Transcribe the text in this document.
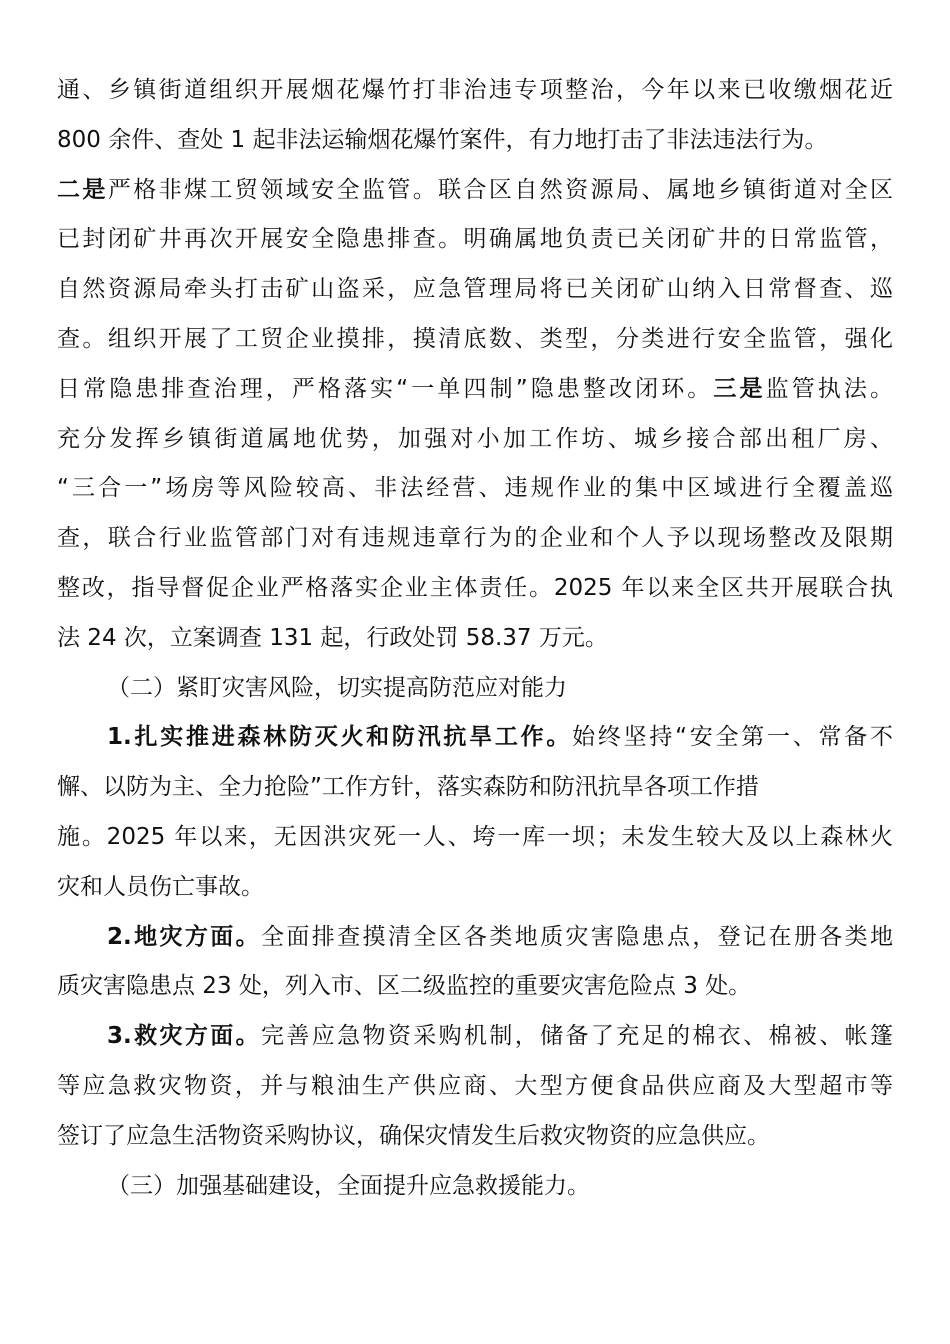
通、乡镇街道组织开展烟花爆竹打非治违专项整治，今年以来已收缴烟花近
800 余件、查处 1 起非法运输烟花爆竹案件，有力地打击了非法违法行为。
二是严格非煤工贸领域安全监管。联合区自然资源局、属地乡镇街道对全区
已封闭矿井再次开展安全隐患排查。明确属地负责已关闭矿井的日常监管，
自然资源局牵头打击矿山盗采，应急管理局将已关闭矿山纳入日常督查、巡
查。组织开展了工贸企业摸排，摸清底数、类型，分类进行安全监管，强化
日常隐患排查治理，严格落实“一单四制”隐患整改闭环。三是监管执法。
充分发挥乡镇街道属地优势，加强对小加工作坊、城乡接合部出租厂房、
“三合一”场房等风险较高、非法经营、违规作业的集中区域进行全覆盖巡
查，联合行业监管部门对有违规违章行为的企业和个人予以现场整改及限期
整改，指导督促企业严格落实企业主体责任。2025 年以来全区共开展联合执
法 24 次，立案调查 131 起，行政处罚 58.37 万元。
（二）紧盯灾害风险，切实提高防范应对能力
1.扎实推进森林防灭火和防汛抗旱工作。始终坚持“安全第一、常备不
懈、以防为主、全力抢险”工作方针，落实森防和防汛抗旱各项工作措
施。2025 年以来，无因洪灾死一人、垮一库一坝；未发生较大及以上森林火
灾和人员伤亡事故。
2.地灾方面。全面排查摸清全区各类地质灾害隐患点，登记在册各类地
质灾害隐患点 23 处，列入市、区二级监控的重要灾害危险点 3 处。
3.救灾方面。完善应急物资采购机制，储备了充足的棉衣、棉被、帐篷
等应急救灾物资，并与粮油生产供应商、大型方便食品供应商及大型超市等
签订了应急生活物资采购协议，确保灾情发生后救灾物资的应急供应。
（三）加强基础建设，全面提升应急救援能力。
